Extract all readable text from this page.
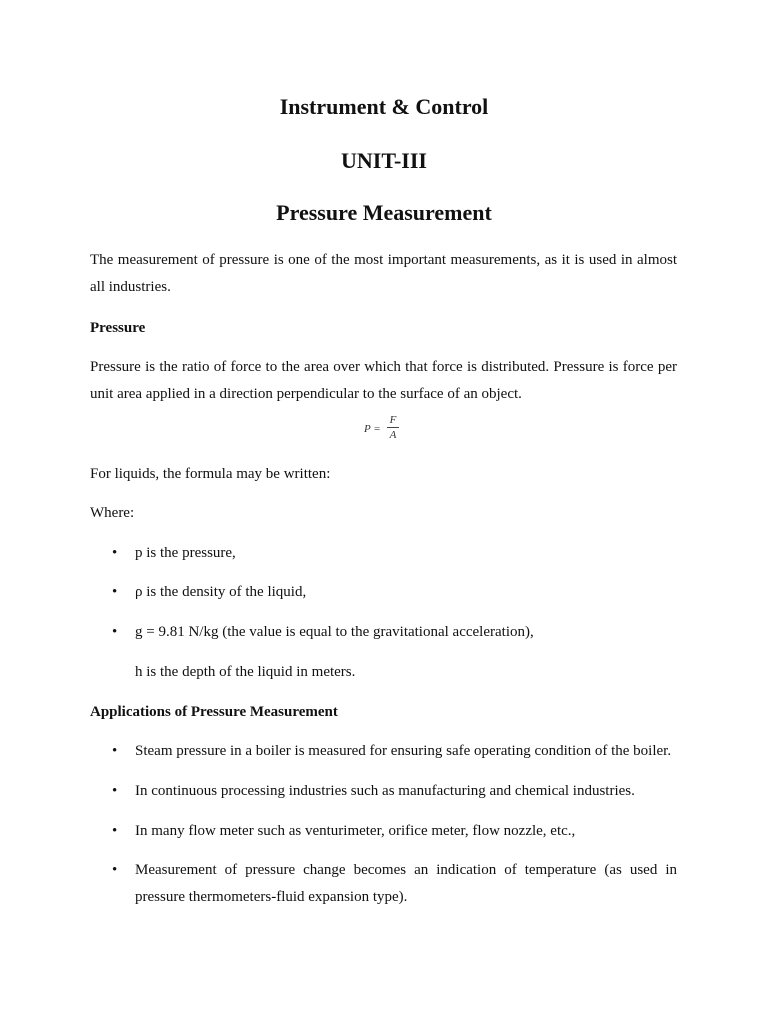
Instrument & Control
UNIT-III
Pressure Measurement

The measurement of pressure is one of the most important measurements, as it is used in almost all industries.

Pressure

Pressure is the ratio of force to the area over which that force is distributed. Pressure is force per unit area applied in a direction perpendicular to the surface of an object.

P =
F
A

For liquids, the formula may be written:

Where:

•	p is the pressure,
•	ρ is the density of the liquid,
•	g = 9.81 N/kg (the value is equal to the gravitational acceleration),

h is the depth of the liquid in meters.

Applications of Pressure Measurement

•	Steam pressure in a boiler is measured for ensuring safe operating condition of the boiler.
•	In continuous processing industries such as manufacturing and chemical industries.
•	In many flow meter such as venturimeter, orifice meter, flow nozzle, etc.,
•	Measurement of pressure change becomes an indication of temperature (as used in pressure thermometers-fluid expansion type).
